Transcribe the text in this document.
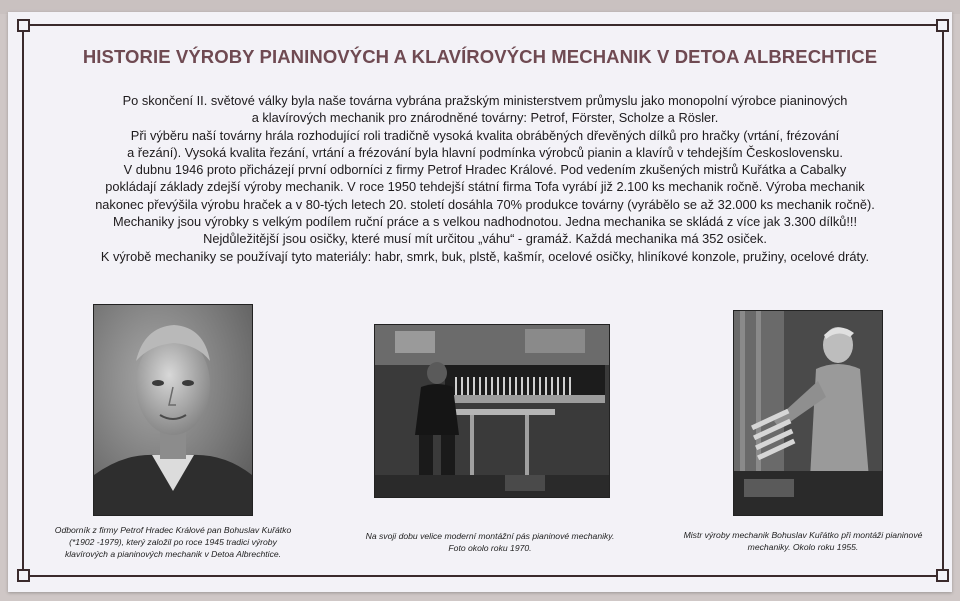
HISTORIE VÝROBY PIANINOVÝCH A KLAVÍROVÝCH MECHANIK V DETOA ALBRECHTICE

Po skončení II. světové války byla naše továrna vybrána pražským ministerstvem průmyslu jako monopolní výrobce pianinových

a klavírových mechanik pro znárodněné továrny: Petrof, Förster, Scholze a Rösler.

Při výběru naší továrny hrála rozhodující roli tradičně vysoká kvalita obráběných dřevěných dílků pro hračky (vrtání, frézování

a řezání). Vysoká kvalita řezání, vrtání a frézování byla hlavní podmínka výrobců pianin a klavírů v tehdejším Československu.

V dubnu 1946 proto přicházejí první odborníci z firmy Petrof Hradec Králové. Pod vedením zkušených mistrů Kuřátka a Cabalky

pokládají základy zdejší výroby mechanik. V roce 1950 tehdejší státní firma Tofa vyrábí již 2.100 ks mechanik ročně. Výroba mechanik

nakonec převýšila výrobu hraček a v 80-tých letech 20. století dosáhla 70% produkce továrny (vyrábělo se až 32.000 ks mechanik ročně).

Mechaniky jsou výrobky s velkým podílem ruční práce a s velkou nadhodnotou. Jedna mechanika se skládá z více jak 3.300 dílků!!!

Nejdůležitější jsou osičky, které musí mít určitou „váhu“ - gramáž. Každá mechanika má 352 osiček.

K výrobě mechaniky se používají tyto materiály: habr, smrk, buk, plstě, kašmír, ocelové osičky, hliníkové konzole, pružiny, ocelové dráty.

Odborník z firmy Petrof Hradec Králové pan Bohuslav Kuřátko
(*1902 -1979), který založil po roce 1945 tradici výroby
klavírových a pianinových mechanik v Detoa Albrechtice.
Na svoji dobu velice moderní montážní pás pianinové mechaniky.
Foto okolo roku 1970.
Mistr výroby mechanik Bohuslav Kuřátko při montáži pianinové
mechaniky. Okolo roku 1955.
